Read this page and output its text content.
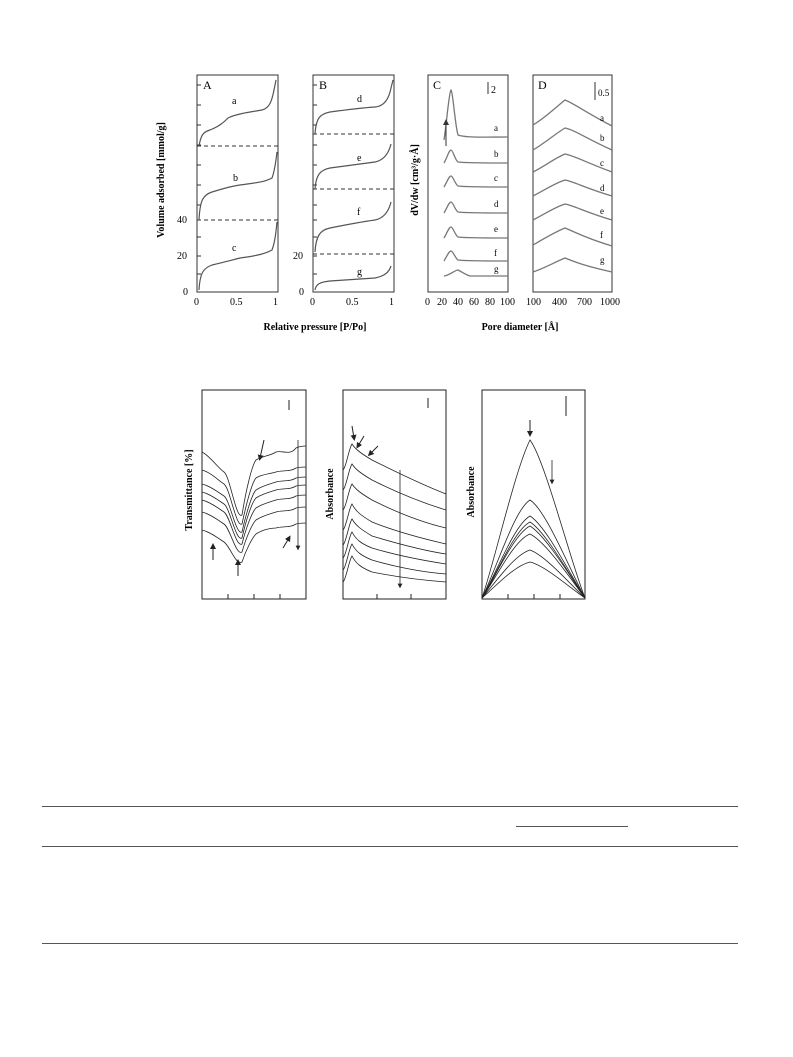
Volume adsorbed [mmol/g]
A
40
20
0
0	0.5	1
a
b
c
B
20
0
0	0.5	1
d
e
f
g
Relative pressure [P/Po]
dV/dw [cm³/g·Å]
C	2
a
b
c
d
e
f
g
0 20 40 60 80 100
D
0.5
a
b
c
d
e
f
g
100 400 700 1000
Pore diameter [Å]
Transmittance [%]	Absorbance	Absorbance
